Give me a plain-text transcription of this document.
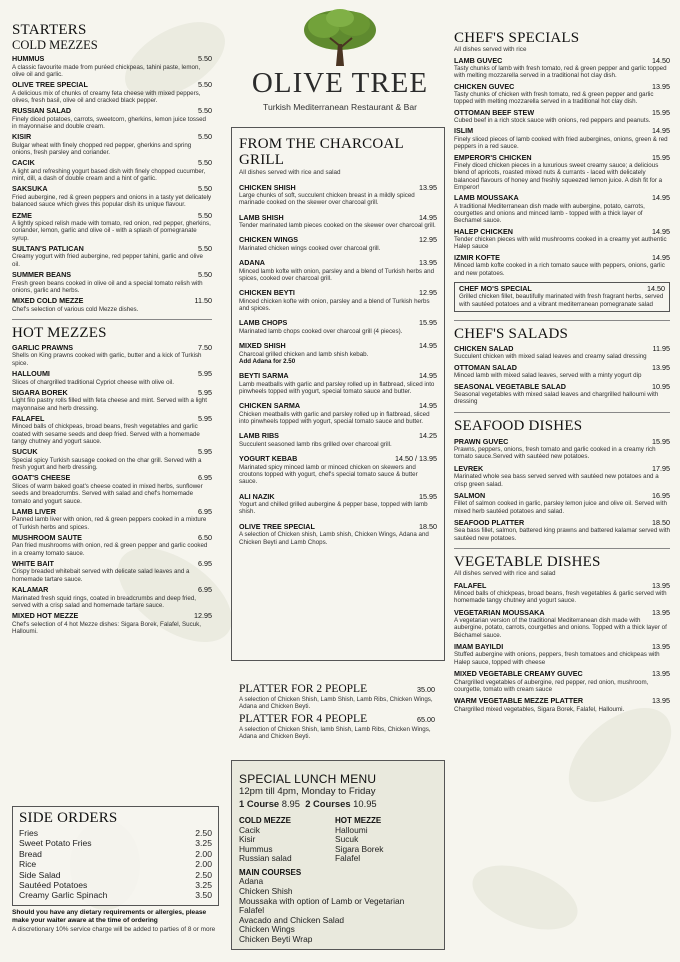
STARTERS
COLD MEZZES
HUMMUS	5.50
A classic favourite made from puréed chickpeas, tahini paste, lemon, olive oil and garlic.
OLIVE TREE SPECIAL	5.50
A delicious mix of chunks of creamy feta cheese with mixed peppers, olives, fresh basil, olive oil and cracked black pepper.
RUSSIAN SALAD	5.50
Finely diced potatoes, carrots, sweetcorn, gherkins, lemon juice tossed in mayonnaise and double cream.
KISIR	5.50
Bulgar wheat with finely chopped red pepper, gherkins and spring onions, fresh parsley and coriander.
CACIK	5.50
A light and refreshing yogurt based dish with finely chopped cucumber, mint, dill, a dash of double cream and a hint of garlic.
SAKSUKA	5.50
Fried aubergine, red & green peppers and onions in a tasty yet delicately balanced sauce which gives this popular dish its unique flavour.
EZME	5.50
A lightly spiced relish made with tomato, red onion, red pepper, gherkins, coriander, lemon, garlic and olive oil - with a splash of pomegranate syrup.
SULTAN'S PATLICAN	5.50
Creamy yogurt with fried aubergine, red pepper tahini, garlic and olive oil.
SUMMER BEANS	5.50
Fresh green beans cooked in olive oil and a special tomato relish with onions, garlic and herbs.
MIXED COLD MEZZE	11.50
Chef's selection of various cold Mezze dishes.
HOT MEZZES
GARLIC PRAWNS	7.50
Shells on King prawns cooked with garlic, butter and a kick of Turkish spice.
HALLOUMI	5.95
Slices of chargrilled traditional Cypriot cheese with olive oil.
SIGARA BOREK	5.95
Light filo pastry rolls filled with feta cheese and mint. Served with a light mayonnaise and herb dressing.
FALAFEL	5.95
Minced balls of chickpeas, broad beans, fresh vegetables and garlic coated with sesame seeds and deep fried. Served with a homemade tangy chutney and yogurt sauce.
SUCUK	5.95
Special spicy Turkish sausage cooked on the char grill. Served with a fresh yogurt and herb dressing.
GOAT'S CHEESE	6.95
Slices of warm baked goat's cheese coated in mixed herbs, sunflower seeds and breadcrumbs. Served with salad and chef's homemade tomato and yogurt sauce.
LAMB LIVER	6.95
Panned lamb liver with onion, red & green peppers cooked in a mixture of Turkish herbs and spices.
MUSHROOM SAUTE	6.50
Pan fried mushrooms with onion, red & green pepper and garlic cooked in a creamy tomato sauce.
WHITE BAIT	6.95
Crispy breaded whitebait served with delicate salad leaves and a homemade tartare sauce.
KALAMAR	6.95
Marinated fresh squid rings, coated in breadcrumbs and deep fried, served with a crisp salad and homemade tartare sauce.
MIXED HOT MEZZE	12.95
Chef's selection of 4 hot Mezze dishes: Sigara Borek, Falafel, Sucuk, Halloumi.
SIDE ORDERS
Fries	2.50
Sweet Potato Fries	3.25
Bread	2.00
Rice	2.00
Side Salad	2.50
Sautéed Potatoes	3.25
Creamy Garlic Spinach	3.50
Should you have any dietary requirements or allergies, please make your waiter aware at the time of ordering
A discretionary 10% service charge will be added to parties of 8 or more
OLIVE TREE
Turkish Mediterranean Restaurant & Bar
FROM THE CHARCOAL GRILL
All dishes served with rice and salad
CHICKEN SHISH	13.95
Large chunks of soft, succulent chicken breast in a mildly spiced marinade cooked on the skewer over charcoal grill.
LAMB SHISH	14.95
Tender marinated lamb pieces cooked on the skewer over charcoal grill.
CHICKEN WINGS	12.95
Marinated chicken wings cooked over charcoal grill.
ADANA	13.95
Minced lamb kofte with onion, parsley and a blend of Turkish herbs and spices, cooked over charcoal grill.
CHICKEN BEYTI	12.95
Minced chicken kofte with onion, parsley and a blend of Turkish herbs and spices.
LAMB CHOPS	15.95
Marinated lamb chops cooked over charcoal grill (4 pieces).
MIXED SHISH	14.95
Charcoal grilled chicken and lamb shish kebab.
Add Adana for 2.50
BEYTI SARMA	14.95
Lamb meatballs with garlic and parsley rolled up in flatbread, sliced into pinwheels topped with yogurt, special tomato sauce and butter.
CHICKEN SARMA	14.95
Chicken meatballs with garlic and parsley rolled up in flatbread, sliced into pinwheels topped with yogurt, special tomato sauce and butter.
LAMB RIBS	14.25
Succulent seasoned lamb ribs grilled over charcoal grill.
YOGURT KEBAB	14.50 / 13.95
Marinated spicy minced lamb or minced chicken on skewers and croutons topped with yogurt, chef's special tomato sauce & butter sauce.
ALI NAZIK	15.95
Yogurt and chilled grilled aubergine & pepper base, topped with lamb shish.
OLIVE TREE SPECIAL	18.50
A selection of Chicken shish, Lamb shish, Chicken Wings, Adana and Chicken Beyti and Lamb Chops.
PLATTER FOR 2 PEOPLE	35.00
A selection of Chicken Shish, Lamb Shish, Lamb Ribs, Chicken Wings, Adana and Chicken Beyti.
PLATTER FOR 4 PEOPLE	65.00
A selection of Chicken Shish, lamb Shish, Lamb Ribs, Chicken Wings, Adana and Chicken Beyti.
SPECIAL LUNCH MENU
12pm till 4pm, Monday to Friday
1 Course 8.95 2 Courses 10.95
COLD MEZZE
Cacik
Kisir
Hummus
Russian salad
HOT MEZZE
Halloumi
Sucuk
Sigara Borek
Falafel
MAIN COURSES
Adana
Chicken Shish
Moussaka with option of Lamb or Vegetarian
Falafel
Avacado and Chicken Salad
Chicken Wings
Chicken Beyti Wrap
CHEF'S SPECIALS
All dishes served with rice
LAMB GUVEC	14.50
Tasty chunks of lamb with fresh tomato, red & green pepper and garlic topped with melting mozzarella served in a traditional hot clay dish.
CHICKEN GUVEC	13.95
Tasty chunks of chicken with fresh tomato, red & green pepper and garlic topped with melting mozzarella served in a traditional hot clay dish.
OTTOMAN BEEF STEW	15.95
Cubed beef in a rich stock sauce with onions, red peppers and peanuts.
ISLIM	14.95
Finely sliced pieces of lamb cooked with fried aubergines, onions, green & red peppers in a red sauce.
EMPEROR'S CHICKEN	15.95
Finely diced chicken pieces in a luxurious sweet creamy sauce; a delicious blend of apricots, roasted mixed nuts & currants - laced with delicately balanced flavours of honey and freshly squeezed lemon juice. A dish fit for a Emperor!
LAMB MOUSSAKA	14.95
A traditional Mediterranean dish made with aubergine, potato, carrots, courgettes and onions and minced lamb - topped with a thick layer of Bechamel sauce.
HALEP CHICKEN	14.95
Tender chicken pieces with wild mushrooms cooked in a creamy yet authentic Halep sauce
IZMIR KOFTE	14.95
Minced lamb kofte cooked in a rich tomato sauce with peppers, onions, garlic and new potatoes.
CHEF MO'S SPECIAL	14.50
Grilled chicken fillet, beautifully marinated with fresh fragrant herbs, served with sautéed potatoes and a vibrant mediterranean pomegranate salad
CHEF'S SALADS
CHICKEN SALAD	11.95
Succulent chicken with mixed salad leaves and creamy salad dressing
OTTOMAN SALAD	13.95
Minced lamb with mixed salad leaves, served with a minty yogurt dip
SEASONAL VEGETABLE SALAD	10.95
Seasonal vegetables with mixed salad leaves and chargrilled halloumi with dressing
SEAFOOD DISHES
PRAWN GUVEC	15.95
Prawns, peppers, onions, fresh tomato and garlic cooked in a creamy rich tomato sauce.Served with sautéed new potatoes.
LEVREK	17.95
Marinated whole sea bass served served with sautéed new potatoes and a crisp green salad.
SALMON	16.95
Fillet of salmon cooked in garlic, parsley lemon juice and olive oil. Served with mixed herb sautéed potatoes and salad.
SEAFOOD PLATTER	18.50
Sea bass fillet, salmon, battered king prawns and battered kalamar served with sautéed new potatoes.
VEGETABLE DISHES
All dishes served with rice and salad
FALAFEL	13.95
Minced balls of chickpeas, broad beans, fresh vegetables & garlic served with homemade tangy chutney and yogurt sauce.
VEGETARIAN MOUSSAKA	13.95
A vegetarian version of the traditional Mediterranean dish made with aubergine, potato, carrots, courgettes and onions. Topped with a thick layer of Béchamel sauce.
IMAM BAYILDI	13.95
Stuffed aubergine with onions, peppers, fresh tomatoes and chickpeas with Halep sauce, topped with cheese
MIXED VEGETABLE CREAMY GUVEC	13.95
Chargrilled vegetables of aubergine, red pepper, red onion, mushroom, courgette, tomato with cream sauce
WARM VEGETABLE MEZZE PLATTER	13.95
Chargrilled mixed vegetables, Sigara Borek, Falafel, Halloumi.
